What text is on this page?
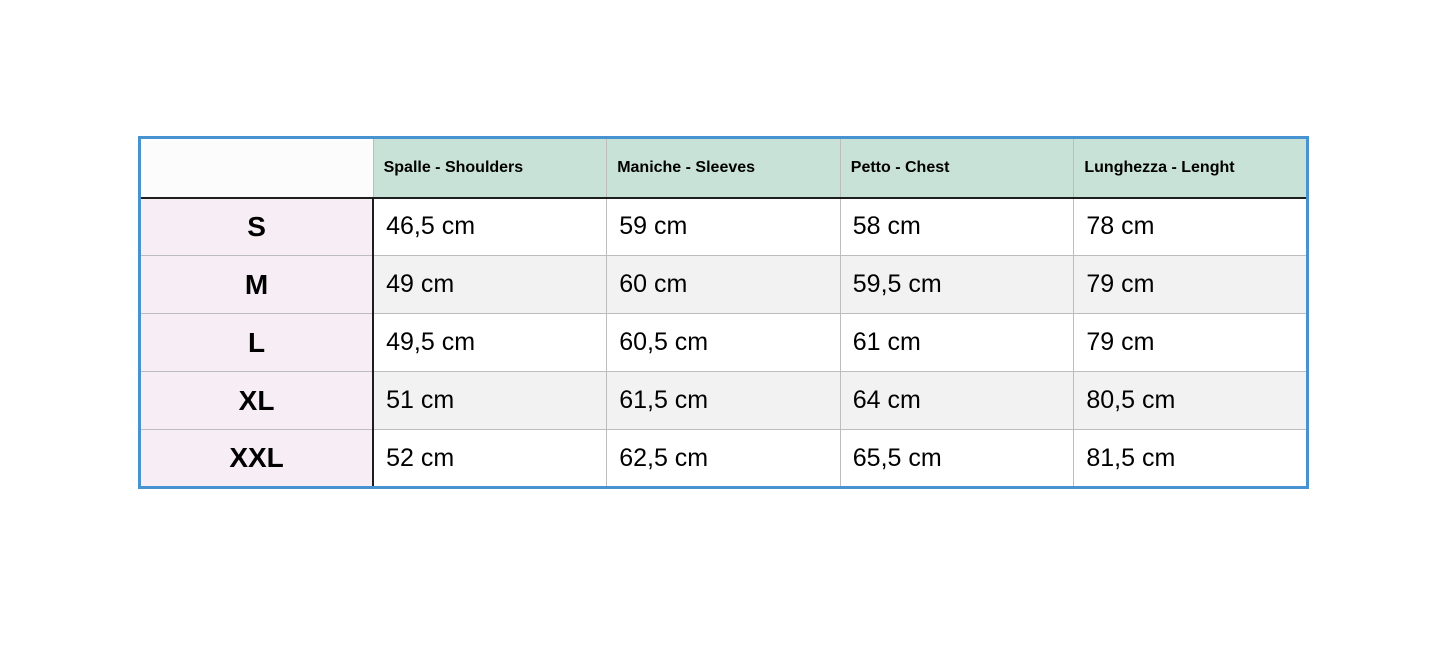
	Spalle - Shoulders	Maniche - Sleeves	Petto - Chest	Lunghezza - Lenght
S	46,5 cm	59 cm	58 cm	78 cm
M	49 cm	60 cm	59,5 cm	79 cm
L	49,5 cm	60,5 cm	61 cm	79 cm
XL	51 cm	61,5 cm	64 cm	80,5 cm
XXL	52 cm	62,5 cm	65,5 cm	81,5 cm
